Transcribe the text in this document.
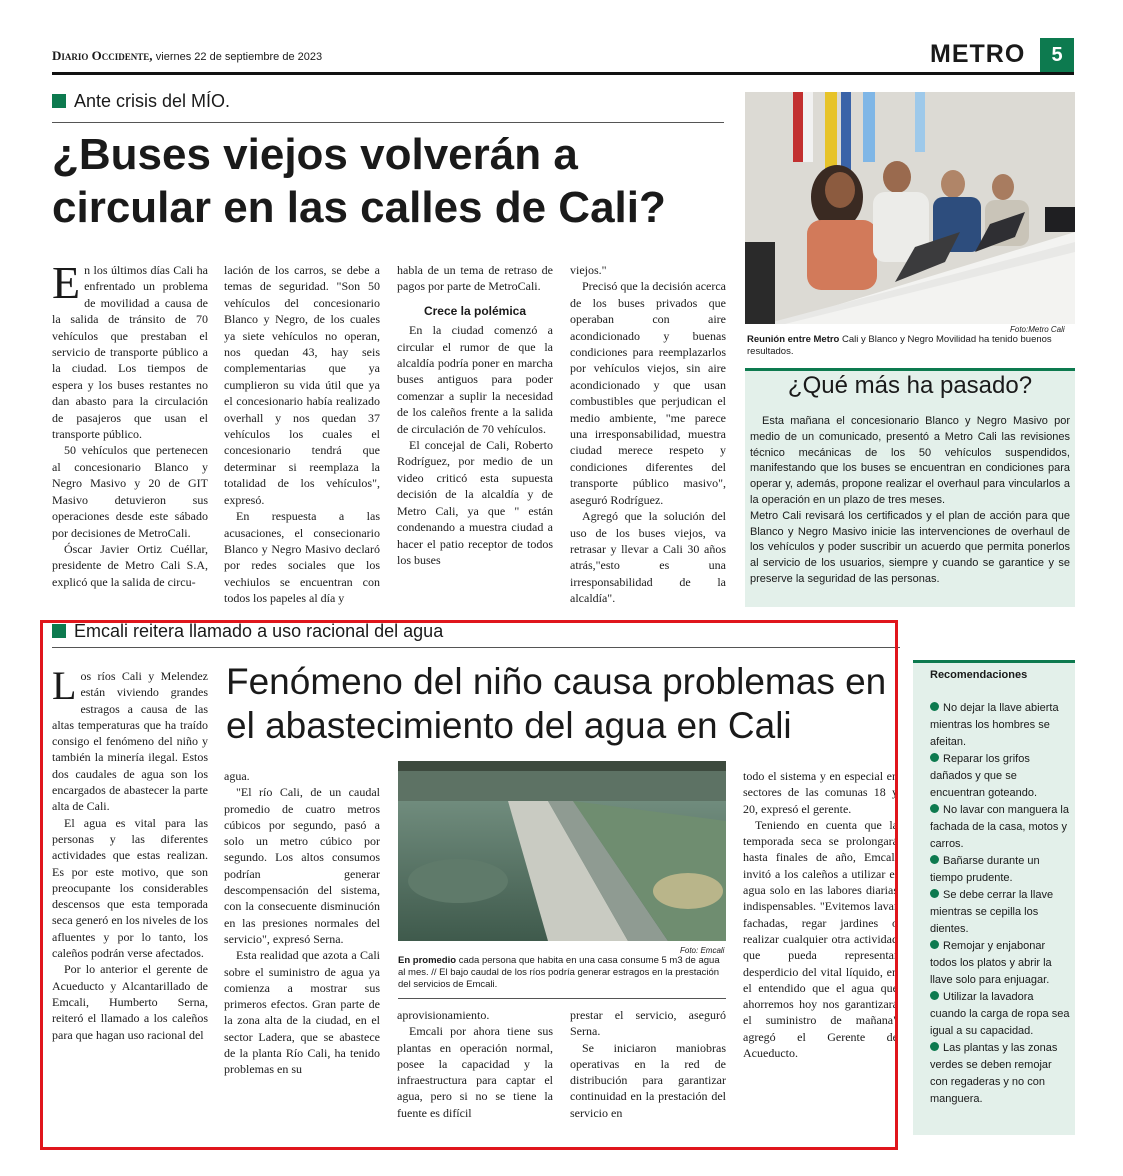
Diario Occidente, viernes 22 de septiembre de 2023	METRO	5
Ante crisis del MÍO.
¿Buses viejos volverán a circular en las calles de Cali?

En los últimos días Cali ha enfrentado un problema de movilidad a causa de la salida de tránsito de 70 vehículos que prestaban el servicio de transporte público a la ciudad. Los tiempos de espera y los buses restantes no dan abasto para la circulación de pasajeros que usan el transporte público.

50 vehículos que pertenecen al concesionario Blanco y Negro Masivo y 20 de GIT Masivo detuvieron sus operaciones desde este sábado por decisiones de MetroCali.

Óscar Javier Ortiz Cuéllar, presidente de Metro Cali S.A, explicó que la salida de circu-

lación de los carros, se debe a temas de seguridad. "Son 50 vehículos del concesionario Blanco y Negro, de los cuales ya siete vehículos no operan, nos quedan 43, hay seis complementarias que ya cumplieron su vida útil que ya el concesionario había realizado overhall y nos quedan 37 vehículos los cuales el concesionario tendrá que determinar si reemplaza la totalidad de los vehículos", expresó.

En respuesta a las acusaciones, el consecionario Blanco y Negro Masivo declaró por redes sociales que los vechiulos se encuentran con todos los papeles al día y

habla de un tema de retraso de pagos por parte de MetroCali.

Crece la polémica

En la ciudad comenzó a circular el rumor de que la alcaldía podría poner en marcha buses antiguos para poder comenzar a suplir la necesidad de los caleños frente a la salida de circulación de 70 vehículos.

El concejal de Cali, Roberto Rodríguez, por medio de un video criticó esta supuesta decisión de la alcaldía y de Metro Cali, ya que " están condenando a muestra ciudad a hacer el patio receptor de todos los buses

viejos."

Precisó que la decisión acerca de los buses privados que operaban con aire acondicionado y buenas condiciones para reemplazarlos por vehículos viejos, sin aire acondicionado y que usan combustibles que perjudican el medio ambiente, "me parece una irresponsabilidad, muestra ciudad merece respeto y condiciones diferentes del transporte público masivo", aseguró Rodríguez.

Agregó que la solución del uso de los buses viejos, va retrasar y llevar a Cali 30 años atrás,"esto es una irresponsabilidad de la alcaldía".

Foto:Metro Cali
Reunión entre Metro Cali y Blanco y Negro Movilidad ha tenido buenos resultados.
¿Qué más ha pasado?

Esta mañana el concesionario Blanco y Negro Masivo por medio de un comunicado, presentó a Metro Cali las revisiones técnico mecánicas de los 50 vehículos suspendidos, manifestando que los buses se encuentran en condiciones para operar y, además, propone realizar el overhaul para vincularlos a la operación en un plazo de tres meses.

Metro Cali revisará los certificados y el plan de acción para que Blanco y Negro Masivo inicie las intervenciones de overhaul de los vehículos y poder suscribir un acuerdo que permita ponerlos al servicio de los usuarios, siempre y cuando se garantice y se preserve la seguridad de las personas.

Emcali reitera llamado a uso racional del agua
Fenómeno del niño causa problemas en el abastecimiento del agua en Cali

Los ríos Cali y Melendez están viviendo grandes estragos a causa de las altas temperaturas que ha traído consigo el fenómeno del niño y también la minería ilegal. Estos dos caudales de agua son los encargados de abastecer la parte alta de Cali.

El agua es vital para las personas y las diferentes actividades que estas realizan. Es por este motivo, que son preocupante los considerables descensos que esta temporada seca generó en los niveles de los afluentes y por lo tanto, los caleños podrán verse afectados.

Por lo anterior el gerente de Acueducto y Alcantarillado de Emcali, Humberto Serna, reiteró el llamado a los caleños para que hagan uso racional del

agua.

"El río Cali, de un caudal promedio de cuatro metros cúbicos por segundo, pasó a solo un metro cúbico por segundo. Los altos consumos podrían generar descompensación del sistema, con la consecuente disminución en las presiones normales del servicio", expresó Serna.

Esta realidad que azota a Cali sobre el suministro de agua ya comienza a mostrar sus primeros efectos. Gran parte de la zona alta de la ciudad, en el sector Ladera, que se abastece de la planta Río Cali, ha tenido problemas en su

aprovisionamiento.

Emcali por ahora tiene sus plantas en operación normal, posee la capacidad y la infraestructura para captar el agua, pero si no se tiene la fuente es difícil

prestar el servicio, aseguró Serna.

Se iniciaron maniobras operativas en la red de distribución para garantizar continuidad en la prestación del servicio en

todo el sistema y en especial en sectores de las comunas 18 y 20, expresó el gerente.

Teniendo en cuenta que la temporada seca se prolongará hasta finales de año, Emcali invitó a los caleños a utilizar el agua solo en las labores diarias indispensables. "Evitemos lavar fachadas, regar jardines o realizar cualquier otra actividad que pueda representar desperdicio del vital líquido, en el entendido que el agua que ahorremos hoy nos garantizará el suministro de mañana" agregó el Gerente de Acueducto.

Foto: Emcali
En promedio cada persona que habita en una casa consume 5 m3 de agua al mes. // El bajo caudal de los ríos podría generar estragos en la prestación del servicios de Emcali.
Recomendaciones
No dejar la llave abierta mientras los hombres se afeitan.
Reparar los grifos dañados y que se encuentran goteando.
No lavar con manguera la fachada de la casa, motos y carros.
Bañarse durante un tiempo prudente.
Se debe cerrar la llave mientras se cepilla los dientes.
Remojar y enjabonar todos los platos y abrir la llave solo para enjuagar.
Utilizar la lavadora cuando la carga de ropa sea igual a su capacidad.
Las plantas y las zonas verdes se deben remojar con regaderas y no con manguera.
